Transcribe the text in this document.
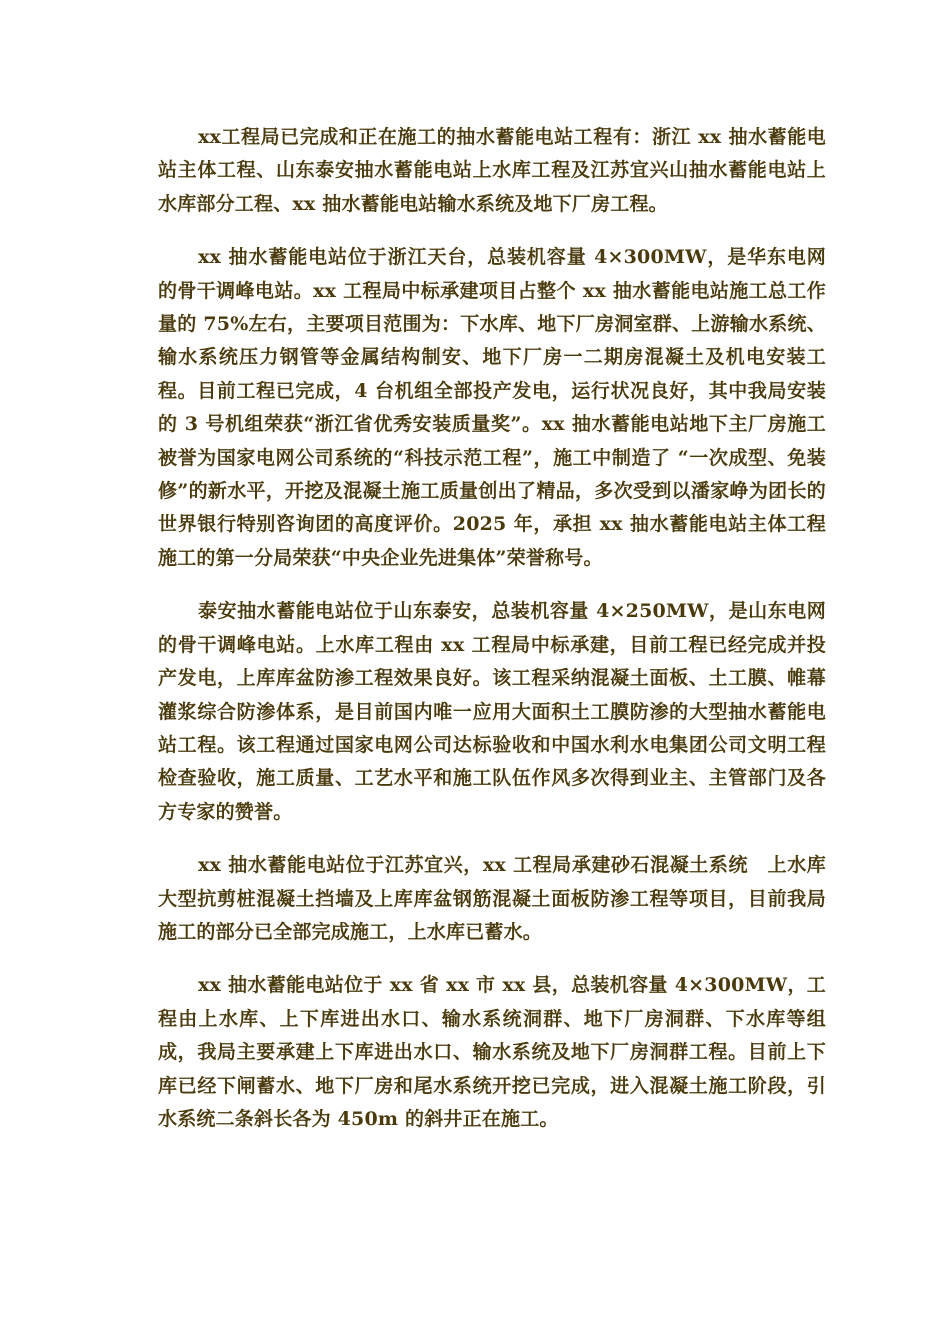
xx工程局已完成和正在施工的抽水蓄能电站工程有：浙江 xx 抽水蓄能电站主体工程、山东泰安抽水蓄能电站上水库工程及江苏宜兴山抽水蓄能电站上水库部分工程、xx 抽水蓄能电站输水系统及地下厂房工程。

xx 抽水蓄能电站位于浙江天台，总装机容量 4×300MW，是华东电网的骨干调峰电站。xx 工程局中标承建项目占整个 xx 抽水蓄能电站施工总工作量的 75%左右，主要项目范围为：下水库、地下厂房洞室群、上游输水系统、输水系统压力钢管等金属结构制安、地下厂房一二期房混凝土及机电安装工程。目前工程已完成，4 台机组全部投产发电，运行状况良好，其中我局安装的 3 号机组荣获“浙江省优秀安装质量奖”。xx 抽水蓄能电站地下主厂房施工被誉为国家电网公司系统的“科技示范工程”，施工中制造了 “一次成型、免装修”的新水平，开挖及混凝土施工质量创出了精品，多次受到以潘家峥为团长的世界银行特别咨询团的高度评价。2025 年，承担 xx 抽水蓄能电站主体工程施工的第一分局荣获“中央企业先进集体”荣誉称号。

泰安抽水蓄能电站位于山东泰安，总装机容量 4×250MW，是山东电网的骨干调峰电站。上水库工程由 xx 工程局中标承建，目前工程已经完成并投产发电，上库库盆防渗工程效果良好。该工程采纳混凝土面板、土工膜、帷幕灌浆综合防渗体系，是目前国内唯一应用大面积土工膜防渗的大型抽水蓄能电站工程。该工程通过国家电网公司达标验收和中国水利水电集团公司文明工程检查验收，施工质量、工艺水平和施工队伍作风多次得到业主、主管部门及各方专家的赞誉。

xx 抽水蓄能电站位于江苏宜兴，xx 工程局承建砂石混凝土系统　上水库大型抗剪桩混凝土挡墙及上库库盆钢筋混凝土面板防渗工程等项目，目前我局施工的部分已全部完成施工，上水库已蓄水。

xx 抽水蓄能电站位于 xx 省 xx 市 xx 县，总装机容量 4×300MW，工程由上水库、上下库进出水口、输水系统洞群、地下厂房洞群、下水库等组成，我局主要承建上下库进出水口、输水系统及地下厂房洞群工程。目前上下库已经下闸蓄水、地下厂房和尾水系统开挖已完成，进入混凝土施工阶段，引水系统二条斜长各为 450m 的斜井正在施工。
